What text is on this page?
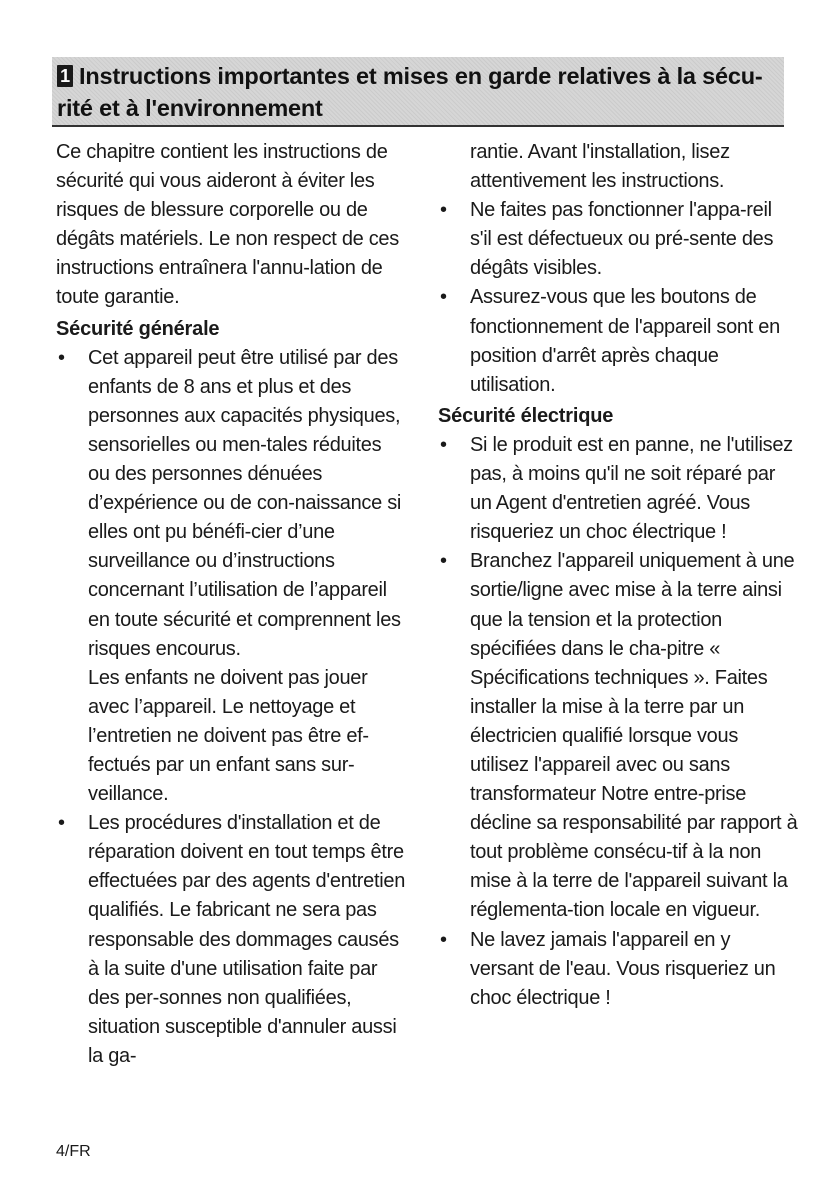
1 Instructions importantes et mises en garde relatives à la sécu-rité et à l'environnement

Ce chapitre contient les instructions de sécurité qui vous aideront à éviter les risques de blessure corporelle ou de dégâts matériels. Le non respect de ces instructions entraînera l'annu-lation de toute garantie.

Sécurité générale
• Cet appareil peut être utilisé par des enfants de 8 ans et plus et des personnes aux capacités physiques, sensorielles ou men-tales réduites ou des personnes dénuées d’expérience ou de con-naissance si elles ont pu bénéfi-cier d’une surveillance ou d’instructions concernant l’utilisation de l’appareil en toute sécurité et comprennent les risques encourus.
Les enfants ne doivent pas jouer avec l’appareil. Le nettoyage et l’entretien ne doivent pas être ef-fectués par un enfant sans sur-veillance.
• Les procédures d'installation et de réparation doivent en tout temps être effectuées par des agents d'entretien qualifiés. Le fabricant ne sera pas responsable des dommages causés à la suite d'une utilisation faite par des per-sonnes non qualifiées, situation susceptible d'annuler aussi la ga-

rantie. Avant l'installation, lisez attentivement les instructions.

• Ne faites pas fonctionner l'appa-reil s'il est défectueux ou pré-sente des dégâts visibles.
• Assurez-vous que les boutons de fonctionnement de l'appareil sont en position d'arrêt après chaque utilisation.
Sécurité électrique
• Si le produit est en panne, ne l'utilisez pas, à moins qu'il ne soit réparé par un Agent d'entretien agréé. Vous risqueriez un choc électrique !
• Branchez l'appareil uniquement à une sortie/ligne avec mise à la terre ainsi que la tension et la protection spécifiées dans le cha-pitre « Spécifications techniques ». Faites installer la mise à la terre par un électricien qualifié lorsque vous utilisez l'appareil avec ou sans transformateur Notre entre-prise décline sa responsabilité par rapport à tout problème consécu-tif à la non mise à la terre de l'appareil suivant la réglementa-tion locale en vigueur.
• Ne lavez jamais l'appareil en y versant de l'eau. Vous risqueriez un choc électrique !
4/FR
